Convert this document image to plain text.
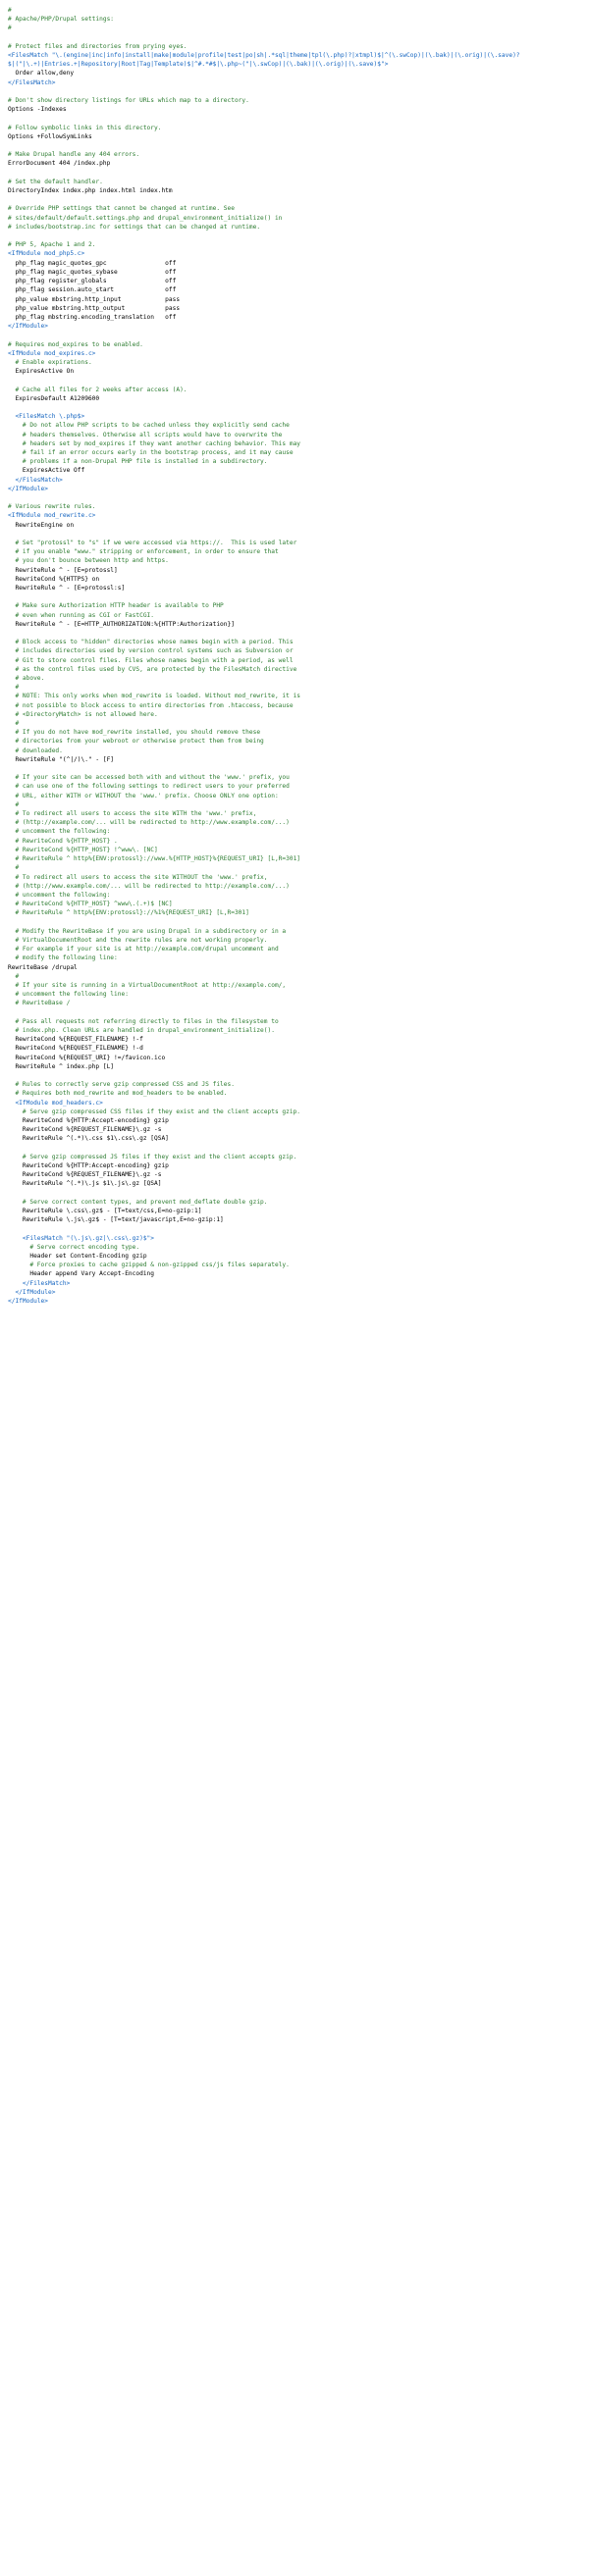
#
# Apache/PHP/Drupal settings:
#

# Protect files and directories from prying eyes.
<FilesMatch "\.(engine|inc|info|install|make|module|profile|test|po|sh|.*sql|theme|tpl(\.php)?|xtmpl)$|^(\.swCop)|(\.bak)|(\.orig)|(\.save)?
$|("|\.+)|Entries.+|Repository|Root|Tag|Template)$|^#.*#$|\.php~("|\.swCop)|(\.bak)|(\.orig)|(\.save)$">
Order allow,deny
</FilesMatch>

# Don't show directory listings for URLs which map to a directory.
Options -Indexes

# Follow symbolic links in this directory.
Options +FollowSymLinks

# Make Drupal handle any 404 errors.
ErrorDocument 404 /index.php

# Set the default handler.
DirectoryIndex index.php index.html index.htm

# Override PHP settings that cannot be changed at runtime. See
# sites/default/default.settings.php and drupal_environment_initialize() in
# includes/bootstrap.inc for settings that can be changed at runtime.

# PHP 5, Apache 1 and 2.
<IfModule mod_php5.c>
php_flag magic_quotes_gpc                off
php_flag magic_quotes_sybase             off
php_flag register_globals                off
php_flag session.auto_start              off
php_value mbstring.http_input            pass
php_value mbstring.http_output           pass
php_flag mbstring.encoding_translation   off
</IfModule>

# Requires mod_expires to be enabled.
<IfModule mod_expires.c>
# Enable expirations.
ExpiresActive On

# Cache all files for 2 weeks after access (A).
ExpiresDefault A1209600

<FilesMatch \.php$>
# Do not allow PHP scripts to be cached unless they explicitly send cache
# headers themselves. Otherwise all scripts would have to overwrite the
# headers set by mod_expires if they want another caching behavior. This may
# fail if an error occurs early in the bootstrap process, and it may cause
# problems if a non-Drupal PHP file is installed in a subdirectory.
ExpiresActive Off
</FilesMatch>
</IfModule>

# Various rewrite rules.
<IfModule mod_rewrite.c>
RewriteEngine on

# Set "protossl" to "s" if we were accessed via https://.  This is used later
# if you enable "www." stripping or enforcement, in order to ensure that
# you don't bounce between http and https.
RewriteRule ^ - [E=protossl]
RewriteCond %{HTTPS} on
RewriteRule ^ - [E=protossl:s]

# Make sure Authorization HTTP header is available to PHP
# even when running as CGI or FastCGI.
RewriteRule ^ - [E=HTTP_AUTHORIZATION:%{HTTP:Authorization}]

# Block access to "hidden" directories whose names begin with a period. This
# includes directories used by version control systems such as Subversion or
# Git to store control files. Files whose names begin with a period, as well
# as the control files used by CVS, are protected by the FilesMatch directive
# above.
#
# NOTE: This only works when mod_rewrite is loaded. Without mod_rewrite, it is
# not possible to block access to entire directories from .htaccess, because
# <DirectoryMatch> is not allowed here.
#
# If you do not have mod_rewrite installed, you should remove these
# directories from your webroot or otherwise protect them from being
# downloaded.
RewriteRule "(^|/)\." - [F]

# If your site can be accessed both with and without the 'www.' prefix, you
# can use one of the following settings to redirect users to your preferred
# URL, either WITH or WITHOUT the 'www.' prefix. Choose ONLY one option:
#
# To redirect all users to access the site WITH the 'www.' prefix,
# (http://example.com/... will be redirected to http://www.example.com/...)
# uncomment the following:
# RewriteCond %{HTTP_HOST} .
# RewriteCond %{HTTP_HOST} !^www\. [NC]
# RewriteRule ^ http%{ENV:protossl}://www.%{HTTP_HOST}%{REQUEST_URI} [L,R=301]
#
# To redirect all users to access the site WITHOUT the 'www.' prefix,
# (http://www.example.com/... will be redirected to http://example.com/...)
# uncomment the following:
# RewriteCond %{HTTP_HOST} ^www\.(.+)$ [NC]
# RewriteRule ^ http%{ENV:protossl}://%1%{REQUEST_URI} [L,R=301]

# Modify the RewriteBase if you are using Drupal in a subdirectory or in a
# VirtualDocumentRoot and the rewrite rules are not working properly.
# For example if your site is at http://example.com/drupal uncomment and
# modify the following line:
RewriteBase /drupal
#
# If your site is running in a VirtualDocumentRoot at http://example.com/,
# uncomment the following line:
# RewriteBase /

# Pass all requests not referring directly to files in the filesystem to
# index.php. Clean URLs are handled in drupal_environment_initialize().
RewriteCond %{REQUEST_FILENAME} !-f
RewriteCond %{REQUEST_FILENAME} !-d
RewriteCond %{REQUEST_URI} !=/favicon.ico
RewriteRule ^ index.php [L]

# Rules to correctly serve gzip compressed CSS and JS files.
# Requires both mod_rewrite and mod_headers to be enabled.
<IfModule mod_headers.c>
# Serve gzip compressed CSS files if they exist and the client accepts gzip.
RewriteCond %{HTTP:Accept-encoding} gzip
RewriteCond %{REQUEST_FILENAME}\.gz -s
RewriteRule ^(.*)\.css $1\.css\.gz [QSA]

# Serve gzip compressed JS files if they exist and the client accepts gzip.
RewriteCond %{HTTP:Accept-encoding} gzip
RewriteCond %{REQUEST_FILENAME}\.gz -s
RewriteRule ^(.*)\.js $1\.js\.gz [QSA]

# Serve correct content types, and prevent mod_deflate double gzip.
RewriteRule \.css\.gz$ - [T=text/css,E=no-gzip:1]
RewriteRule \.js\.gz$ - [T=text/javascript,E=no-gzip:1]

<FilesMatch "(\.js\.gz|\.css\.gz)$">
# Serve correct encoding type.
Header set Content-Encoding gzip
# Force proxies to cache gzipped & non-gzipped css/js files separately.
Header append Vary Accept-Encoding
</FilesMatch>
</IfModule>
</IfModule>
